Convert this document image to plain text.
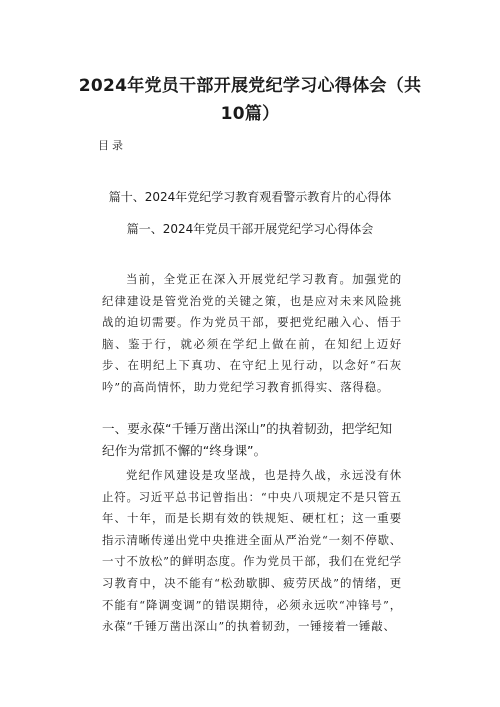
2024年党员干部开展党纪学习心得体会（共10篇）
目录
篇十、2024年党纪学习教育观看警示教育片的心得体
篇一、2024年党员干部开展党纪学习心得体会

当前，全党正在深入开展党纪学习教育。加强党的纪律建设是管党治党的关键之策，也是应对未来风险挑战的迫切需要。作为党员干部，要把党纪融入心、悟于脑、鉴于行，就必须在学纪上做在前，在知纪上迈好步、在明纪上下真功、在守纪上见行动，以念好“石灰吟”的高尚情怀，助力党纪学习教育抓得实、落得稳。

一、要永葆“千锤万凿出深山”的执着韧劲，把学纪知纪作为常抓不懈的“终身课”。

党纪作风建设是攻坚战，也是持久战，永远没有休止符。习近平总书记曾指出：“中央八项规定不是只管五年、十年，而是长期有效的铁规矩、硬杠杠；这一重要指示清晰传递出党中央推进全面从严治党“一刻不停歇、一寸不放松”的鲜明态度。作为党员干部，我们在党纪学习教育中，决不能有“松劲歇脚、疲劳厌战”的情绪，更不能有“降调变调”的错误期待，必须永远吹“冲锋号”，永葆“千锤万凿出深山”的执着韧劲，一锤接着一锤敲、
